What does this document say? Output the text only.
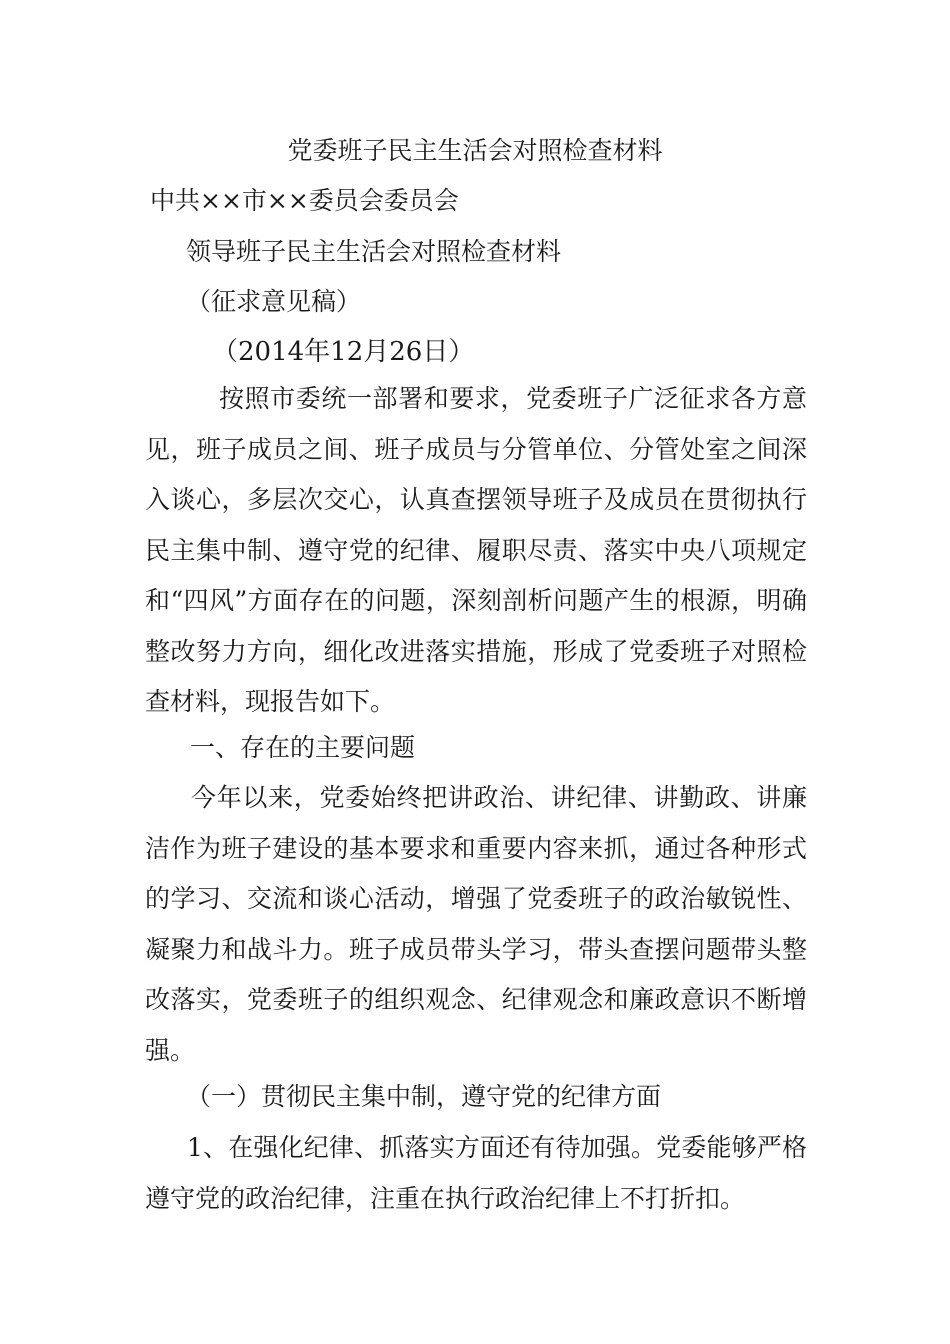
党委班子民主生活会对照检查材料

中共××市××委员会委员会

领导班子民主生活会对照检查材料

（征求意见稿）

（2014年12月26日）

按照市委统一部署和要求，党委班子广泛征求各方意见，班子成员之间、班子成员与分管单位、分管处室之间深入谈心，多层次交心，认真查摆领导班子及成员在贯彻执行民主集中制、遵守党的纪律、履职尽责、落实中央八项规定和“四风”方面存在的问题，深刻剖析问题产生的根源，明确整改努力方向，细化改进落实措施，形成了党委班子对照检查材料，现报告如下。

一、存在的主要问题

今年以来，党委始终把讲政治、讲纪律、讲勤政、讲廉洁作为班子建设的基本要求和重要内容来抓，通过各种形式的学习、交流和谈心活动，增强了党委班子的政治敏锐性、凝聚力和战斗力。班子成员带头学习，带头查摆问题带头整改落实，党委班子的组织观念、纪律观念和廉政意识不断增强。

（一）贯彻民主集中制，遵守党的纪律方面

1、在强化纪律、抓落实方面还有待加强。党委能够严格遵守党的政治纪律，注重在执行政治纪律上不打折扣。
